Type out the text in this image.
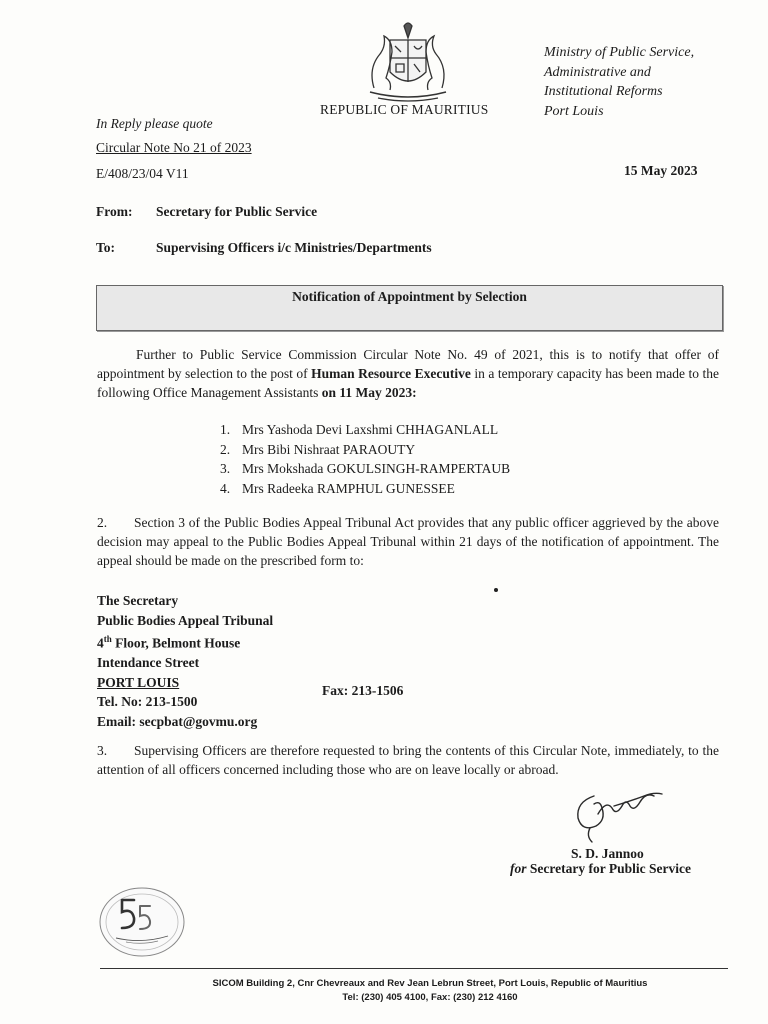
REPUBLIC OF MAURITIUS
Ministry of Public Service,
Administrative and
Institutional Reforms
Port Louis
In Reply please quote
Circular Note No 21 of 2023
E/408/23/04 V11	15 May 2023
From: Secretary for Public Service
To:	Supervising Officers i/c Ministries/Departments
Notification of Appointment by Selection
Further to Public Service Commission Circular Note No. 49 of 2021, this is to notify that offer of appointment by selection to the post of Human Resource Executive in a temporary capacity has been made to the following Office Management Assistants on 11 May 2023:
1. Mrs Yashoda Devi Laxshmi CHHAGANLALL
2. Mrs Bibi Nishraat PARAOUTY
3. Mrs Mokshada GOKULSINGH-RAMPERTAUB
4. Mrs Radeeka RAMPHUL GUNESSEE
2. Section 3 of the Public Bodies Appeal Tribunal Act provides that any public officer aggrieved by the above decision may appeal to the Public Bodies Appeal Tribunal within 21 days of the notification of appointment. The appeal should be made on the prescribed form to:
The Secretary
Public Bodies Appeal Tribunal
4th Floor, Belmont House
Intendance Street
PORT LOUIS
Tel. No: 213-1500
Email: secpbat@govmu.org
Fax: 213-1506
3. Supervising Officers are therefore requested to bring the contents of this Circular Note, immediately, to the attention of all officers concerned including those who are on leave locally or abroad.
S. D. Jannoo
for Secretary for Public Service
SICOM Building 2, Cnr Chevreaux and Rev Jean Lebrun Street, Port Louis, Republic of Mauritius
Tel: (230) 405 4100, Fax: (230) 212 4160
